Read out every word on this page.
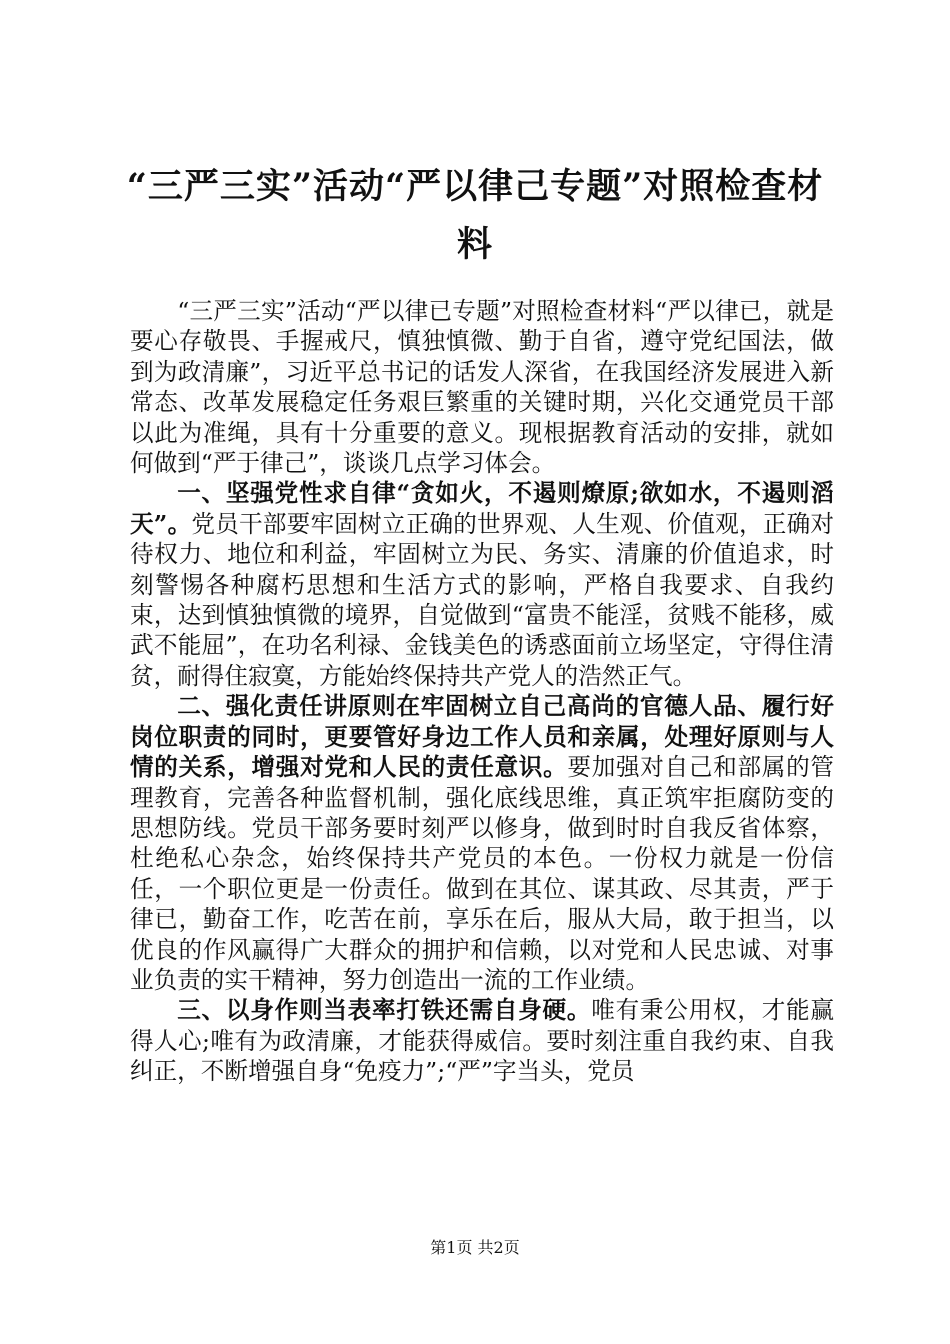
“三严三实”活动“严以律己专题”对照检查材料

“三严三实”活动“严以律已专题”对照检查材料“严以律已，就是要心存敬畏、手握戒尺，慎独慎微、勤于自省，遵守党纪国法，做到为政清廉”，习近平总书记的话发人深省，在我国经济发展进入新常态、改革发展稳定任务艰巨繁重的关键时期，兴化交通党员干部以此为准绳，具有十分重要的意义。现根据教育活动的安排，就如何做到“严于律己”，谈谈几点学习体会。

一、坚强党性求自律“贪如火，不遏则燎原;欲如水，不遏则滔天”。党员干部要牢固树立正确的世界观、人生观、价值观，正确对待权力、地位和利益，牢固树立为民、务实、清廉的价值追求，时刻警惕各种腐朽思想和生活方式的影响，严格自我要求、自我约束，达到慎独慎微的境界，自觉做到“富贵不能淫，贫贱不能移，威武不能屈”，在功名利禄、金钱美色的诱惑面前立场坚定，守得住清贫，耐得住寂寞，方能始终保持共产党人的浩然正气。

二、强化责任讲原则在牢固树立自己高尚的官德人品、履行好岗位职责的同时，更要管好身边工作人员和亲属，处理好原则与人情的关系，增强对党和人民的责任意识。要加强对自己和部属的管理教育，完善各种监督机制，强化底线思维，真正筑牢拒腐防变的思想防线。党员干部务要时刻严以修身，做到时时自我反省体察，杜绝私心杂念，始终保持共产党员的本色。一份权力就是一份信任，一个职位更是一份责任。做到在其位、谋其政、尽其责，严于律已，勤奋工作，吃苦在前，享乐在后，服从大局，敢于担当，以优良的作风赢得广大群众的拥护和信赖，以对党和人民忠诚、对事业负责的实干精神，努力创造出一流的工作业绩。

三、以身作则当表率打铁还需自身硬。唯有秉公用权，才能赢得人心;唯有为政清廉，才能获得威信。要时刻注重自我约束、自我纠正，不断增强自身“免疫力”;“严”字当头，党员

第1页 共2页
